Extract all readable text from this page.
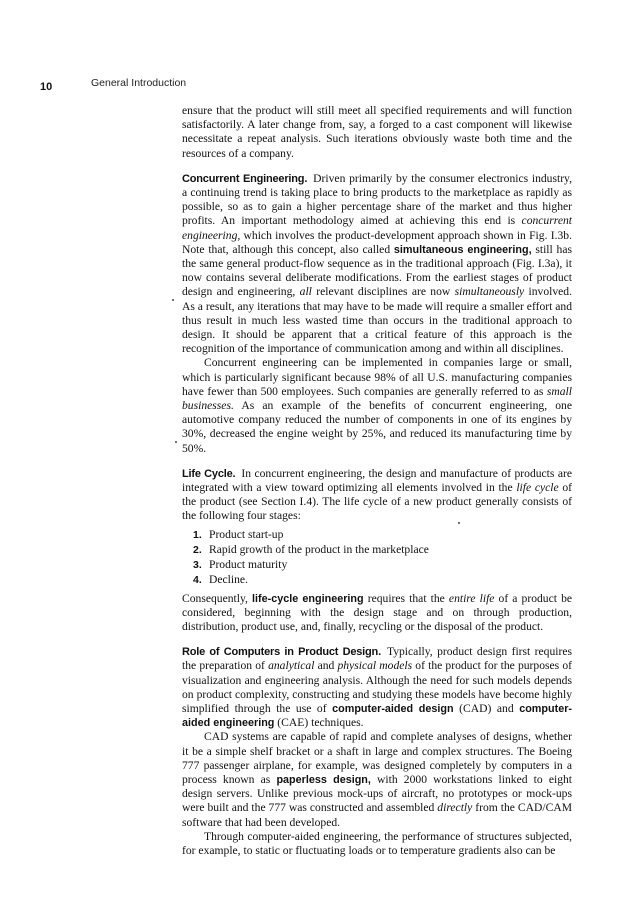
10	General Introduction

ensure that the product will still meet all specified requirements and will function satisfactorily. A later change from, say, a forged to a cast component will likewise necessitate a repeat analysis. Such iterations obviously waste both time and the resources of a company.

Concurrent Engineering. Driven primarily by the consumer electronics industry, a continuing trend is taking place to bring products to the marketplace as rapidly as possible, so as to gain a higher percentage share of the market and thus higher profits. An important methodology aimed at achieving this end is concurrent engineering, which involves the product-development approach shown in Fig. I.3b. Note that, although this concept, also called simultaneous engineering, still has the same general product-flow sequence as in the traditional approach (Fig. I.3a), it now contains several deliberate modifications. From the earliest stages of product design and engineering, all relevant disciplines are now simultaneously involved. As a result, any iterations that may have to be made will require a smaller effort and thus result in much less wasted time than occurs in the traditional approach to design. It should be apparent that a critical feature of this approach is the recognition of the importance of communication among and within all disciplines.

Concurrent engineering can be implemented in companies large or small, which is particularly significant because 98% of all U.S. manufacturing companies have fewer than 500 employees. Such companies are generally referred to as small businesses. As an example of the benefits of concurrent engineering, one automotive company reduced the number of components in one of its engines by 30%, decreased the engine weight by 25%, and reduced its manufacturing time by 50%.

Life Cycle. In concurrent engineering, the design and manufacture of products are integrated with a view toward optimizing all elements involved in the life cycle of the product (see Section I.4). The life cycle of a new product generally consists of the following four stages:

1. Product start-up
2. Rapid growth of the product in the marketplace
3. Product maturity
4. Decline.

Consequently, life-cycle engineering requires that the entire life of a product be considered, beginning with the design stage and on through production, distribution, product use, and, finally, recycling or the disposal of the product.

Role of Computers in Product Design. Typically, product design first requires the preparation of analytical and physical models of the product for the purposes of visualization and engineering analysis. Although the need for such models depends on product complexity, constructing and studying these models have become highly simplified through the use of computer-aided design (CAD) and computer-aided engineering (CAE) techniques.

CAD systems are capable of rapid and complete analyses of designs, whether it be a simple shelf bracket or a shaft in large and complex structures. The Boeing 777 passenger airplane, for example, was designed completely by computers in a process known as paperless design, with 2000 workstations linked to eight design servers. Unlike previous mock-ups of aircraft, no prototypes or mock-ups were built and the 777 was constructed and assembled directly from the CAD/CAM software that had been developed.

Through computer-aided engineering, the performance of structures subjected, for example, to static or fluctuating loads or to temperature gradients also can be
